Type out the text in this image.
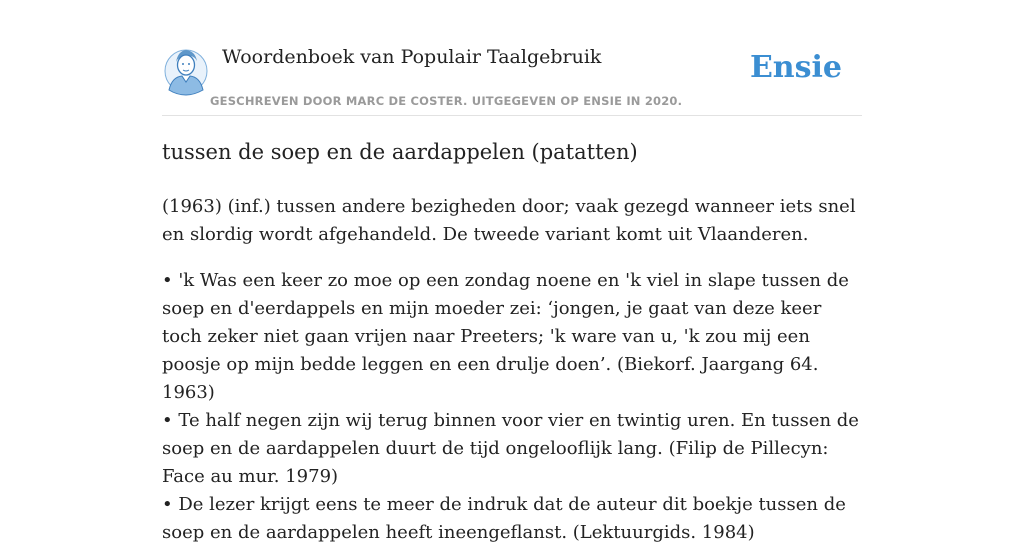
Woordenboek van Populair Taalgebruik
GESCHREVEN DOOR MARC DE COSTER. UITGEGEVEN OP ENSIE IN 2020.
Ensie
tussen de soep en de aardappelen (patatten)

(1963) (inf.) tussen andere bezigheden door; vaak gezegd wanneer iets snel en slordig wordt afgehandeld. De tweede variant komt uit Vlaanderen.

• 'k Was een keer zo moe op een zondag noene en 'k viel in slape tussen de soep en d'eerdappels en mijn moeder zei: ‘jongen, je gaat van deze keer toch zeker niet gaan vrijen naar Preeters; 'k ware van u, 'k zou mij een poosje op mijn bedde leggen en een drulje doen’. (Biekorf. Jaargang 64. 1963)
• Te half negen zijn wij terug binnen voor vier en twintig uren. En tussen de soep en de aardappelen duurt de tijd ongelooflijk lang. (Filip de Pillecyn: Face au mur. 1979)
• De lezer krijgt eens te meer de indruk dat de auteur dit boekje tussen de soep en de aardappelen heeft ineengeflanst. (Lektuurgids. 1984)
